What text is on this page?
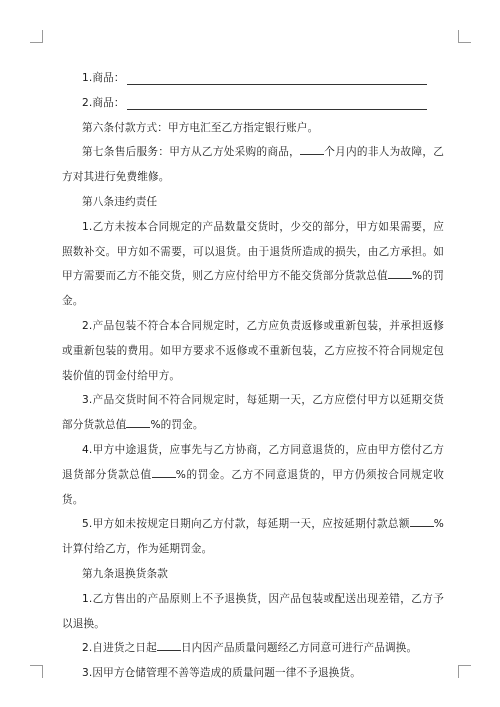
1.商品：
2.商品：

第六条付款方式：甲方电汇至乙方指定银行账户。

第七条售后服务：甲方从乙方处采购的商品， 个月内的非人为故障，乙方对其进行免费维修。

第八条违约责任

1.乙方未按本合同规定的产品数量交货时，少交的部分，甲方如果需要，应照数补交。甲方如不需要，可以退货。由于退货所造成的损失，由乙方承担。如甲方需要而乙方不能交货，则乙方应付给甲方不能交货部分货款总值 %的罚金。

2.产品包装不符合本合同规定时，乙方应负责返修或重新包装，并承担返修或重新包装的费用。如甲方要求不返修或不重新包装，乙方应按不符合同规定包装价值的罚金付给甲方。

3.产品交货时间不符合同规定时，每延期一天，乙方应偿付甲方以延期交货部分货款总值 %的罚金。

4.甲方中途退货，应事先与乙方协商，乙方同意退货的，应由甲方偿付乙方退货部分货款总值 %的罚金。乙方不同意退货的，甲方仍须按合同规定收货。

5.甲方如未按规定日期向乙方付款，每延期一天，应按延期付款总额 %计算付给乙方，作为延期罚金。

第九条退换货条款

1.乙方售出的产品原则上不予退换货，因产品包装或配送出现差错，乙方予以退换。

2.自进货之日起 日内因产品质量问题经乙方同意可进行产品调换。

3.因甲方仓储管理不善等造成的质量问题一律不予退换货。
